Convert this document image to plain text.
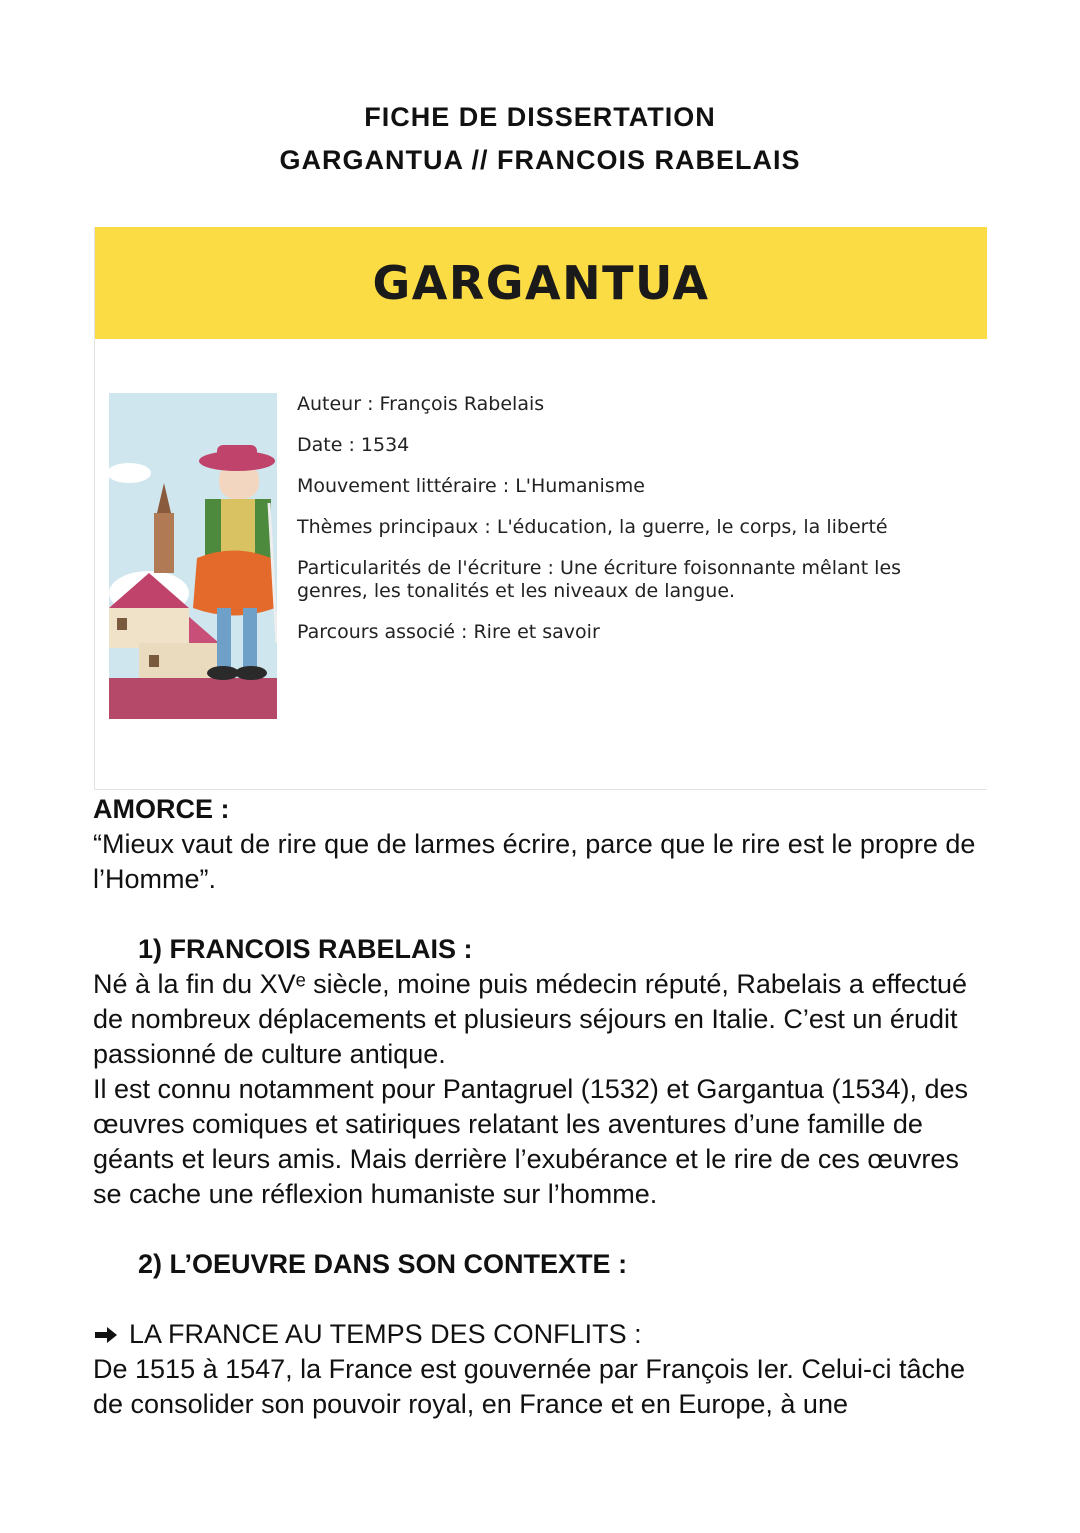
FICHE DE DISSERTATION
GARGANTUA // FRANCOIS RABELAIS
GARGANTUA
Auteur : François Rabelais
Date : 1534
Mouvement littéraire : L'Humanisme
Thèmes principaux : L'éducation, la guerre, le corps, la liberté
Particularités de l'écriture : Une écriture foisonnante mêlant les genres, les tonalités et les niveaux de langue.
Parcours associé : Rire et savoir

AMORCE :

“Mieux vaut de rire que de larmes écrire, parce que le rire est le propre de l’Homme”.

1) FRANCOIS RABELAIS :

Né à la fin du XVᵉ siècle, moine puis médecin réputé, Rabelais a effectué de nombreux déplacements et plusieurs séjours en Italie. C’est un érudit passionné de culture antique.

Il est connu notamment pour Pantagruel (1532) et Gargantua (1534), des œuvres comiques et satiriques relatant les aventures d’une famille de géants et leurs amis. Mais derrière l’exubérance et le rire de ces œuvres se cache une réflexion humaniste sur l’homme.

2) L’OEUVRE DANS SON CONTEXTE :

LA FRANCE AU TEMPS DES CONFLITS :

De 1515 à 1547, la France est gouvernée par François Ier. Celui-ci tâche de consolider son pouvoir royal, en France et en Europe, à une
